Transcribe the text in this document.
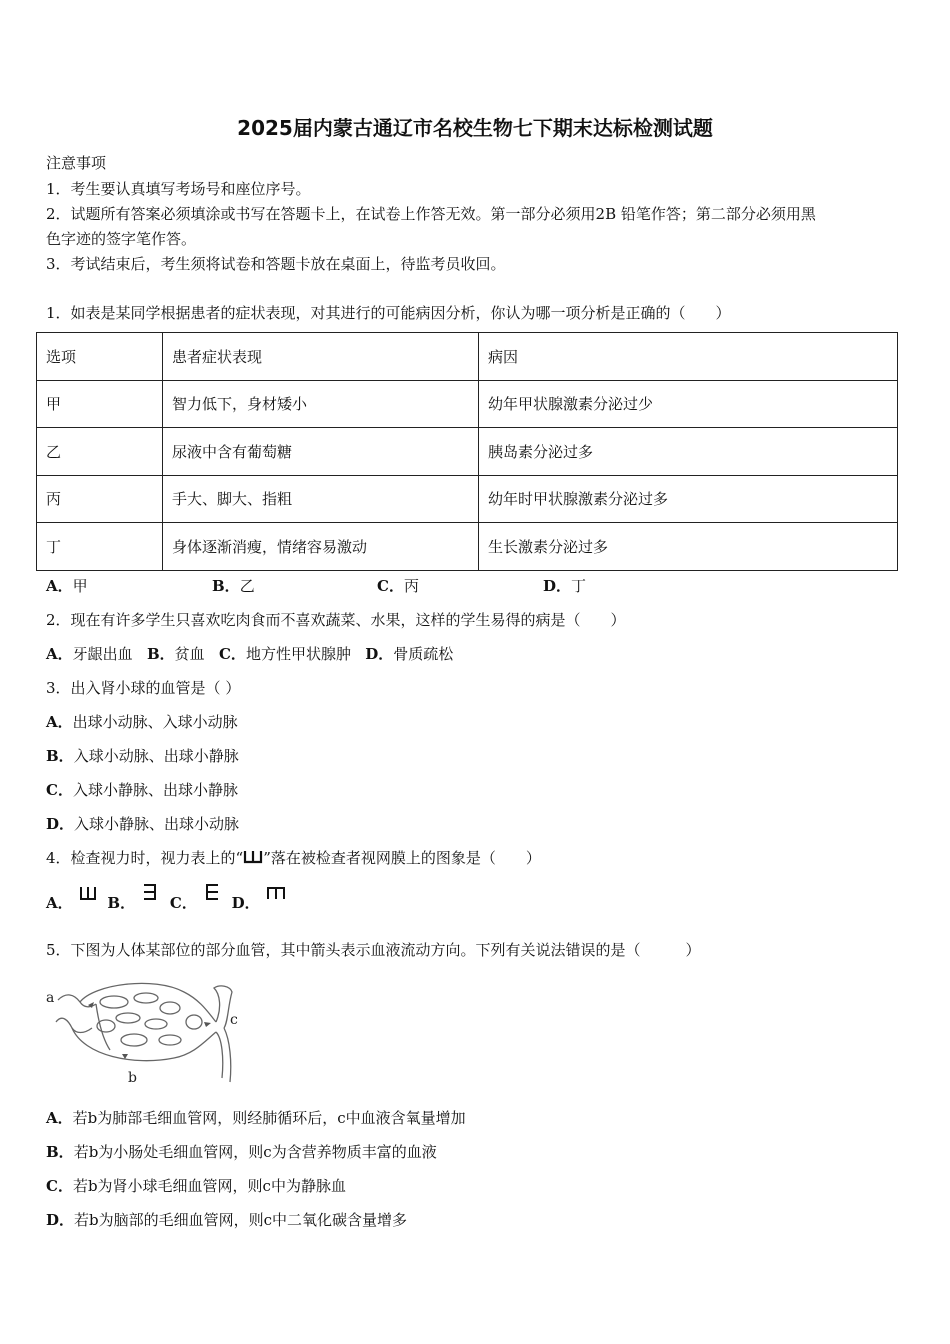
2025届内蒙古通辽市名校生物七下期末达标检测试题
注意事项
1．考生要认真填写考场号和座位序号。
2．试题所有答案必须填涂或书写在答题卡上，在试卷上作答无效。第一部分必须用2B 铅笔作答；第二部分必须用黑
色字迹的签字笔作答。
3．考试结束后，考生须将试卷和答题卡放在桌面上，待监考员收回。
1．如表是某同学根据患者的症状表现，对其进行的可能病因分析，你认为哪一项分析是正确的（　　）
选项	患者症状表现	病因
甲	智力低下，身材矮小	幼年甲状腺激素分泌过少
乙	尿液中含有葡萄糖	胰岛素分泌过多
丙	手大、脚大、指粗	幼年时甲状腺激素分泌过多
丁	身体逐渐消瘦，情绪容易激动	生长激素分泌过多
A．甲	B．乙	C．丙	D．丁
2．现在有许多学生只喜欢吃肉食而不喜欢蔬菜、水果，这样的学生易得的病是（　　）
A．牙龈出血 B．贫血 C．地方性甲状腺肿 D．骨质疏松
3．出入肾小球的血管是（ ）
A．出球小动脉、入球小动脉
B．入球小动脉、出球小静脉
C．入球小静脉、出球小静脉
D．入球小静脉、出球小动脉
4．检查视力时，视力表上的“ ”落在被检查者视网膜上的图象是（　　）
A．
B．
C．
D．
5．下图为人体某部位的部分血管，其中箭头表示血液流动方向。下列有关说法错误的是（　　　）
a
c
b
A．若b为肺部毛细血管网，则经肺循环后，c中血液含氧量增加
B．若b为小肠处毛细血管网，则c为含营养物质丰富的血液
C．若b为肾小球毛细血管网，则c中为静脉血
D．若b为脑部的毛细血管网，则c中二氧化碳含量增多
